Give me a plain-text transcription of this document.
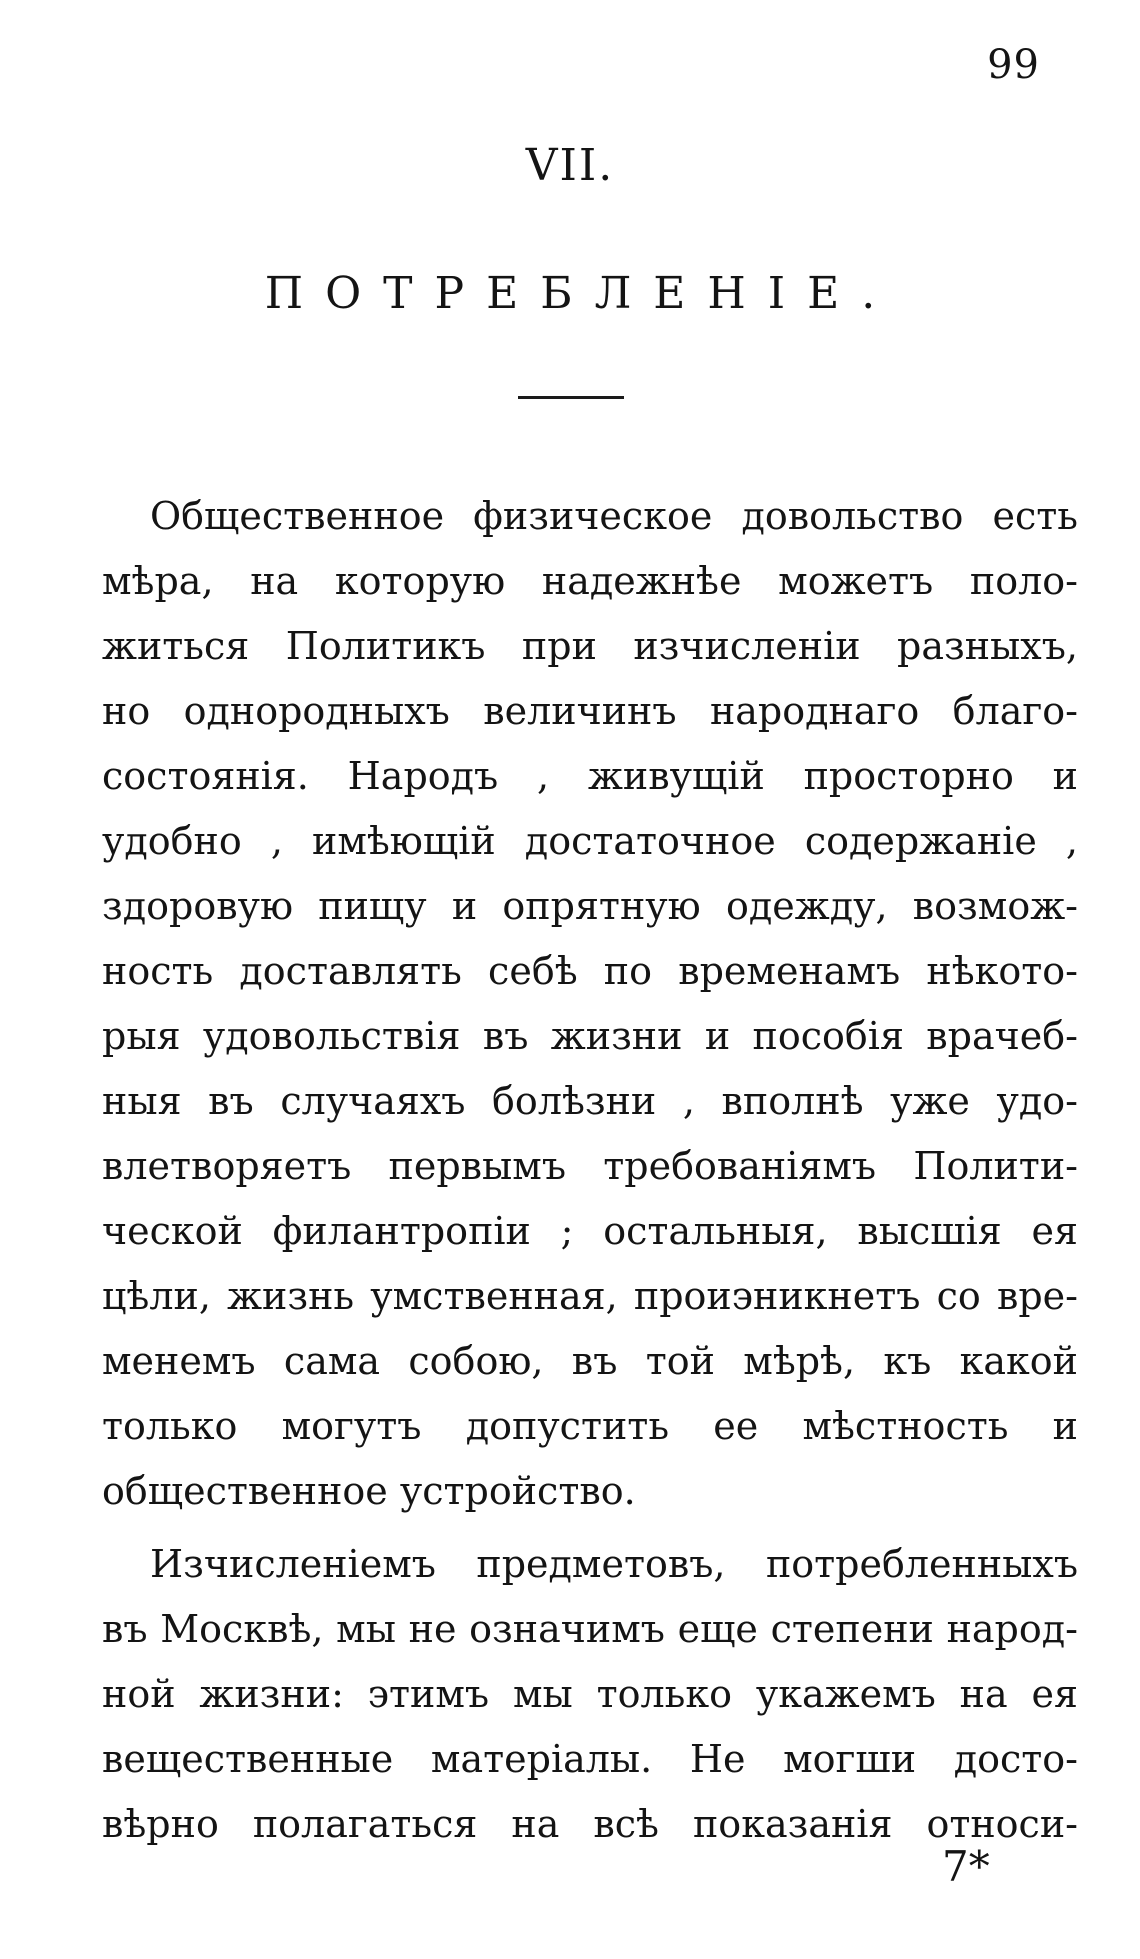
99
VII.
ПОТРЕБЛЕНІЕ.
Общественное физическое довольство есть
мѣра, на которую надежнѣе можетъ поло-
житься Политикъ при изчисленіи разныхъ,
но однородныхъ величинъ народнаго благо-
состоянія. Народъ , живущій просторно и
удобно , имѣющій достаточное содержаніе ,
здоровую пищу и опрятную одежду, возмож-
ность доставлять себѣ по временамъ нѣкото-
рыя удовольствія въ жизни и пособія врачеб-
ныя въ случаяхъ болѣзни , вполнѣ уже удо-
влетворяетъ первымъ требованіямъ Полити-
ческой филантропіи ; остальныя, высшія ея
цѣли, жизнь умственная, проиэникнетъ со вре-
менемъ сама собою, въ той мѣрѣ, къ какой
только могутъ допустить ее мѣстность и
общественное устройство.
Изчисленіемъ предметовъ, потребленныхъ
въ Москвѣ, мы не означимъ еще степени народ-
ной жизни: этимъ мы только укажемъ на ея
вещественные матеріалы. Не могши досто-
вѣрно полагаться на всѣ показанія относи-
7*
